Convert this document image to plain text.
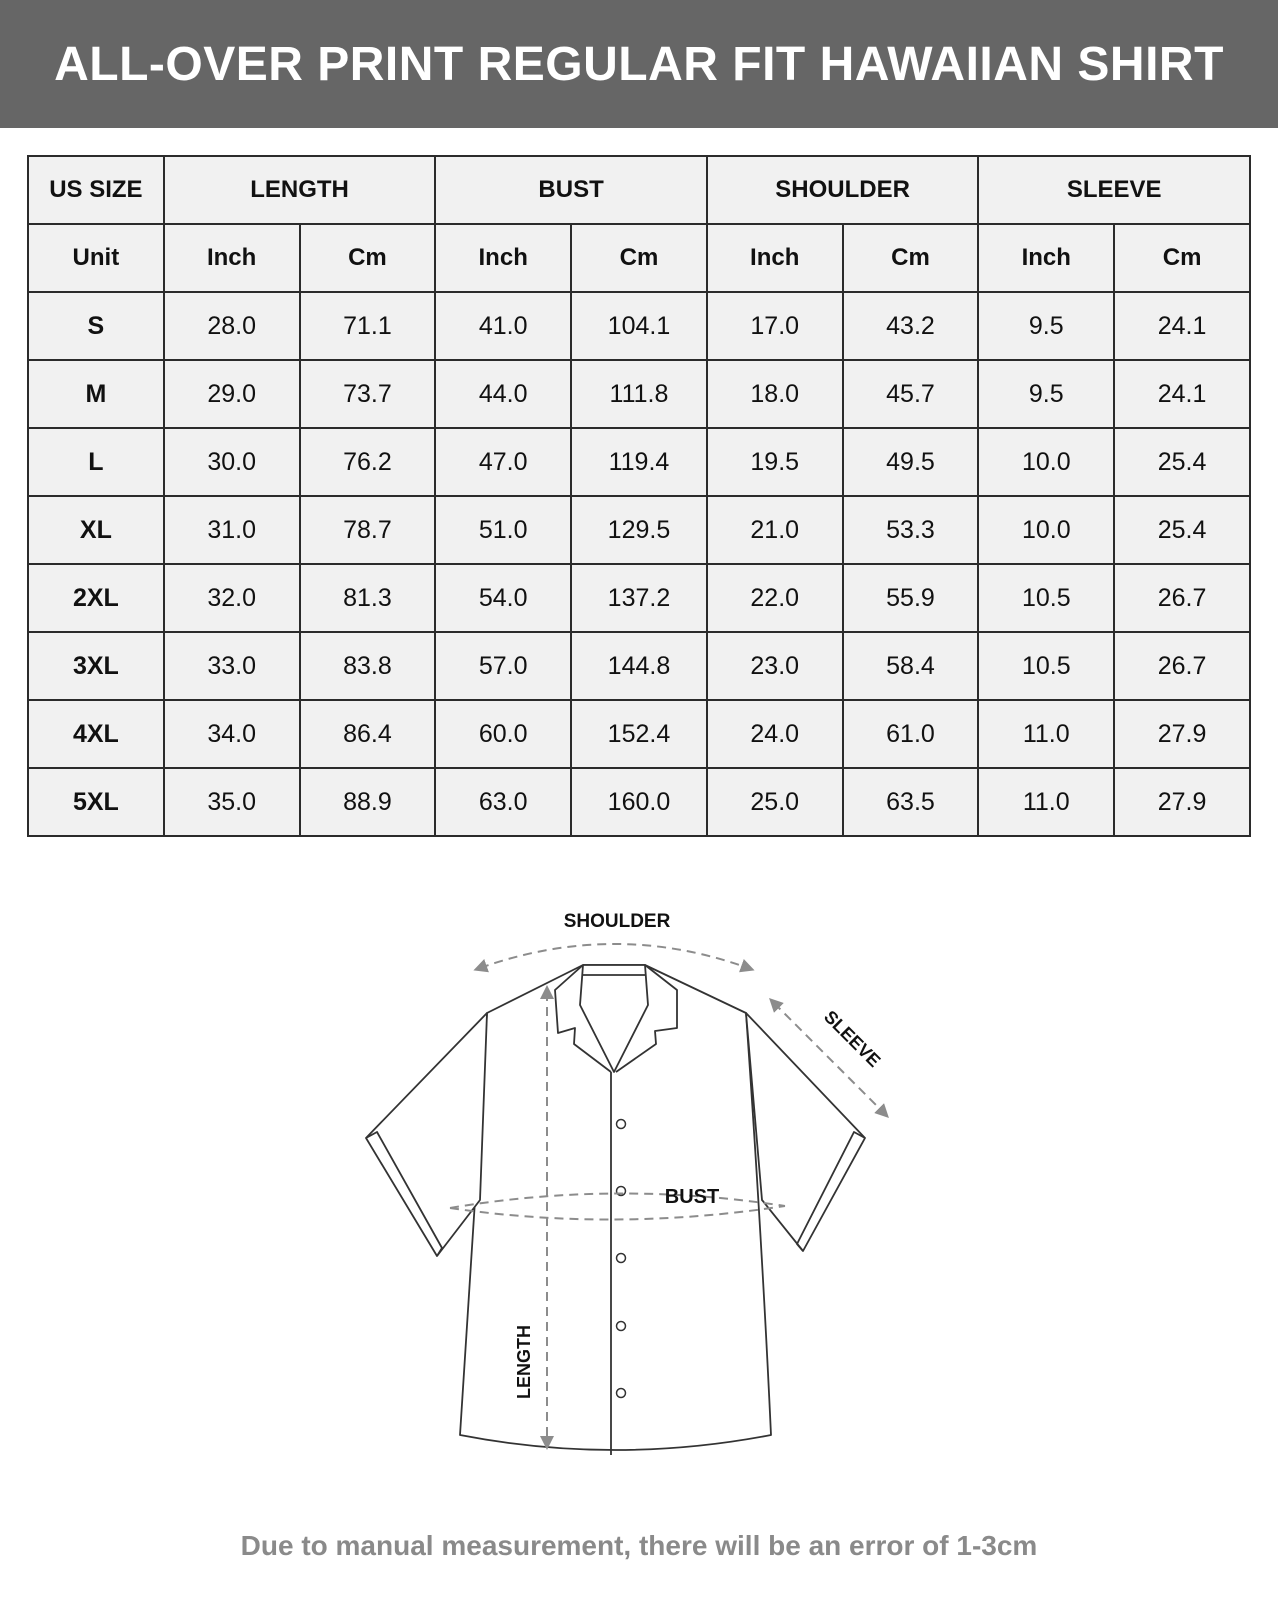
ALL-OVER PRINT REGULAR FIT HAWAIIAN SHIRT
US SIZE	LENGTH		BUST		SHOULDER		SLEEVE	
Unit	Inch	Cm	Inch	Cm	Inch	Cm	Inch	Cm
S	28.0	71.1	41.0	104.1	17.0	43.2	9.5	24.1
M	29.0	73.7	44.0	111.8	18.0	45.7	9.5	24.1
L	30.0	76.2	47.0	119.4	19.5	49.5	10.0	25.4
XL	31.0	78.7	51.0	129.5	21.0	53.3	10.0	25.4
2XL	32.0	81.3	54.0	137.2	22.0	55.9	10.5	26.7
3XL	33.0	83.8	57.0	144.8	23.0	58.4	10.5	26.7
4XL	34.0	86.4	60.0	152.4	24.0	61.0	11.0	27.9
5XL	35.0	88.9	63.0	160.0	25.0	63.5	11.0	27.9
SHOULDER
SLEEVE
BUST
LENGTH
Due to manual measurement, there will be an error of 1-3cm
